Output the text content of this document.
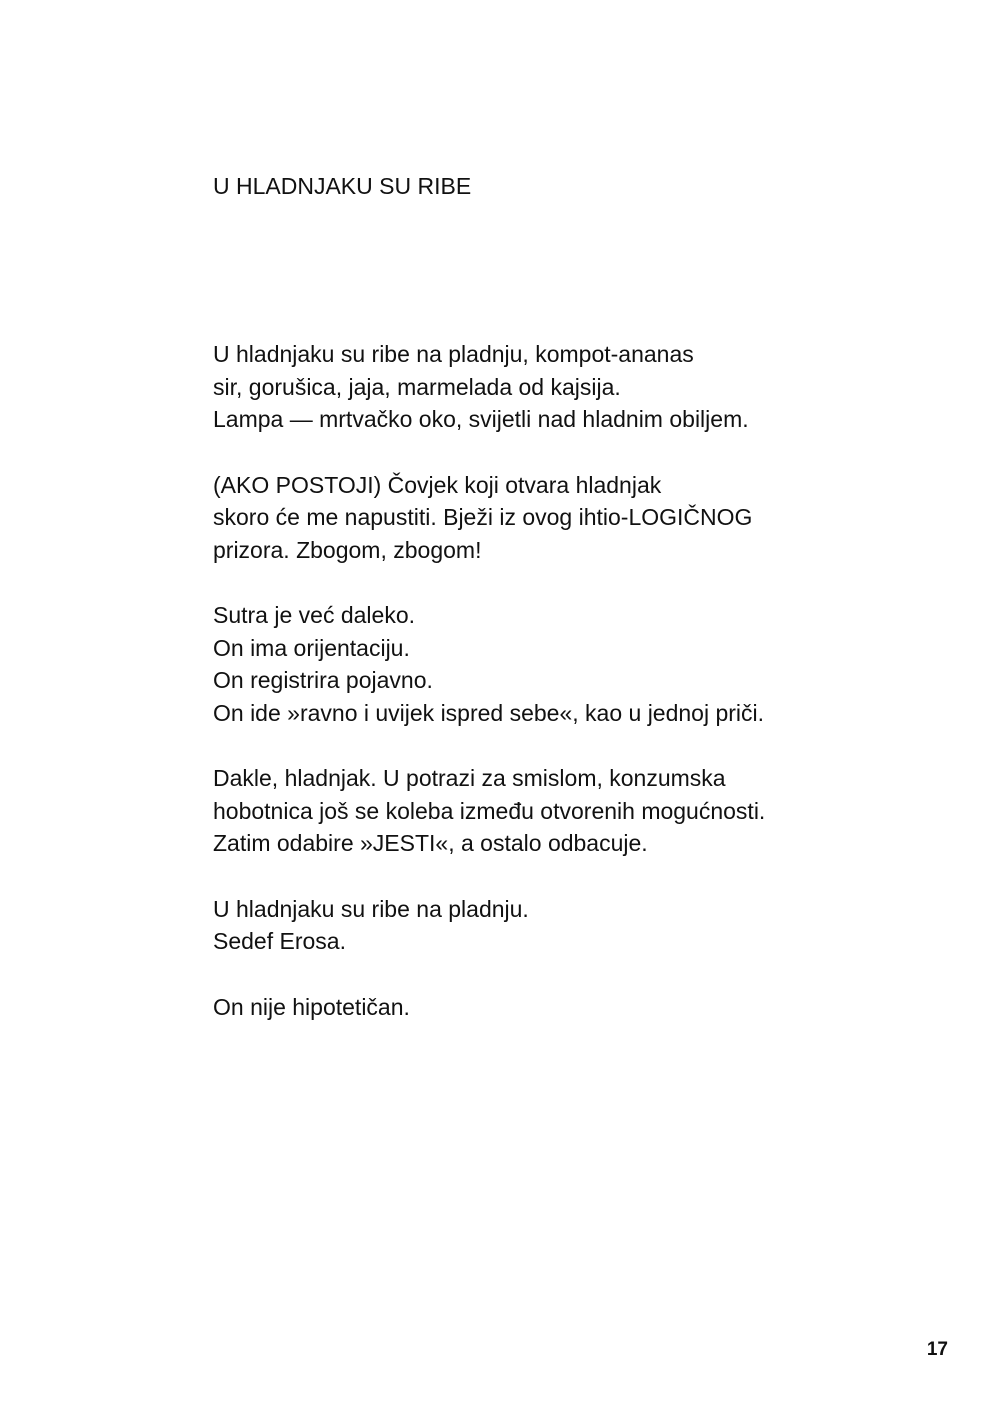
U HLADNJAKU SU RIBE
U hladnjaku su ribe na pladnju, kompot-ananas
sir, gorušica, jaja, marmelada od kajsija.
Lampa — mrtvačko oko, svijetli nad hladnim obiljem.
(AKO POSTOJI) Čovjek koji otvara hladnjak
skoro će me napustiti. Bježi iz ovog ihtio-LOGIČNOG
prizora. Zbogom, zbogom!
Sutra je već daleko.
On ima orijentaciju.
On registrira pojavno.
On ide »ravno i uvijek ispred sebe«, kao u jednoj priči.
Dakle, hladnjak. U potrazi za smislom, konzumska
hobotnica još se koleba između otvorenih mogućnosti.
Zatim odabire »JESTI«, a ostalo odbacuje.
U hladnjaku su ribe na pladnju.
Sedef Erosa.
On nije hipotetičan.
17
